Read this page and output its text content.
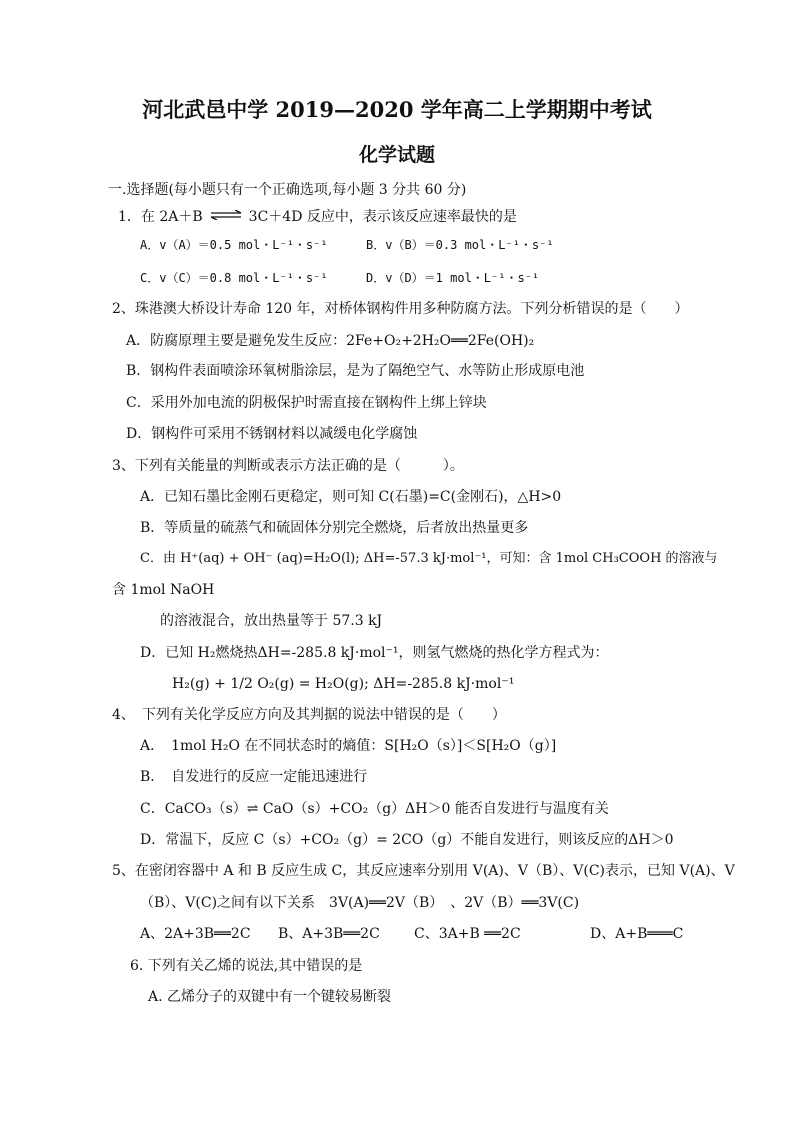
河北武邑中学 2019—2020 学年高二上学期期中考试
化学试题
一.选择题(每小题只有一个正确选项,每小题 3 分共 60 分)
1．在 2A＋B ⇌ 3C＋4D 反应中，表示该反应速率最快的是
A．v（A）＝0.5 mol・L⁻¹・s⁻¹	B．v（B）＝0.3 mol・L⁻¹・s⁻¹
C．v（C）＝0.8 mol・L⁻¹・s⁻¹	D．v（D）＝1 mol・L⁻¹・s⁻¹
2、珠港澳大桥设计寿命 120 年，对桥体钢构件用多种防腐方法。下列分析错误的是（　　）
A．防腐原理主要是避免发生反应：2Fe+O₂+2H₂O══2Fe(OH)₂
B．钢构件表面喷涂环氧树脂涂层，是为了隔绝空气、水等防止形成原电池
C．采用外加电流的阴极保护时需直接在钢构件上绑上锌块
D．钢构件可采用不锈钢材料以减缓电化学腐蚀
3、下列有关能量的判断或表示方法正确的是（　　　）。
A．已知石墨比金刚石更稳定，则可知 C(石墨)=C(金刚石)，△H>0
B．等质量的硫蒸气和硫固体分别完全燃烧，后者放出热量更多
C．由 H⁺(aq) + OH⁻ (aq)=H₂O(l); ΔH=-57.3 kJ·mol⁻¹，可知：含 1mol CH₃COOH 的溶液与
含 1mol NaOH
的溶液混合，放出热量等于 57.3 kJ
D．已知 H₂燃烧热ΔH=-285.8 kJ·mol⁻¹，则氢气燃烧的热化学方程式为：
H₂(g) + 1/2 O₂(g) = H₂O(g); ΔH=-285.8 kJ·mol⁻¹
4、　下列有关化学反应方向及其判据的说法中错误的是（　　）
A．　1mol H₂O 在不同状态时的熵值：S[H₂O（s）]＜S[H₂O（g）]
B．　自发进行的反应一定能迅速进行
C．CaCO₃（s）⇌ CaO（s）+CO₂（g）ΔH＞0 能否自发进行与温度有关
D．常温下，反应 C（s）+CO₂（g）= 2CO（g）不能自发进行，则该反应的ΔH＞0
5、在密闭容器中 A 和 B 反应生成 C，其反应速率分别用 V(A)、V（B）、V(C)表示，已知 V(A)、V
（B）、V(C)之间有以下关系　3V(A)══2V（B）　、2V（B）══3V(C)
A、2A+3B══2C B、A+3B══2C C、3A+B ══2C	D、A+B═══C
6. 下列有关乙烯的说法,其中错误的是
A. 乙烯分子的双键中有一个键较易断裂
